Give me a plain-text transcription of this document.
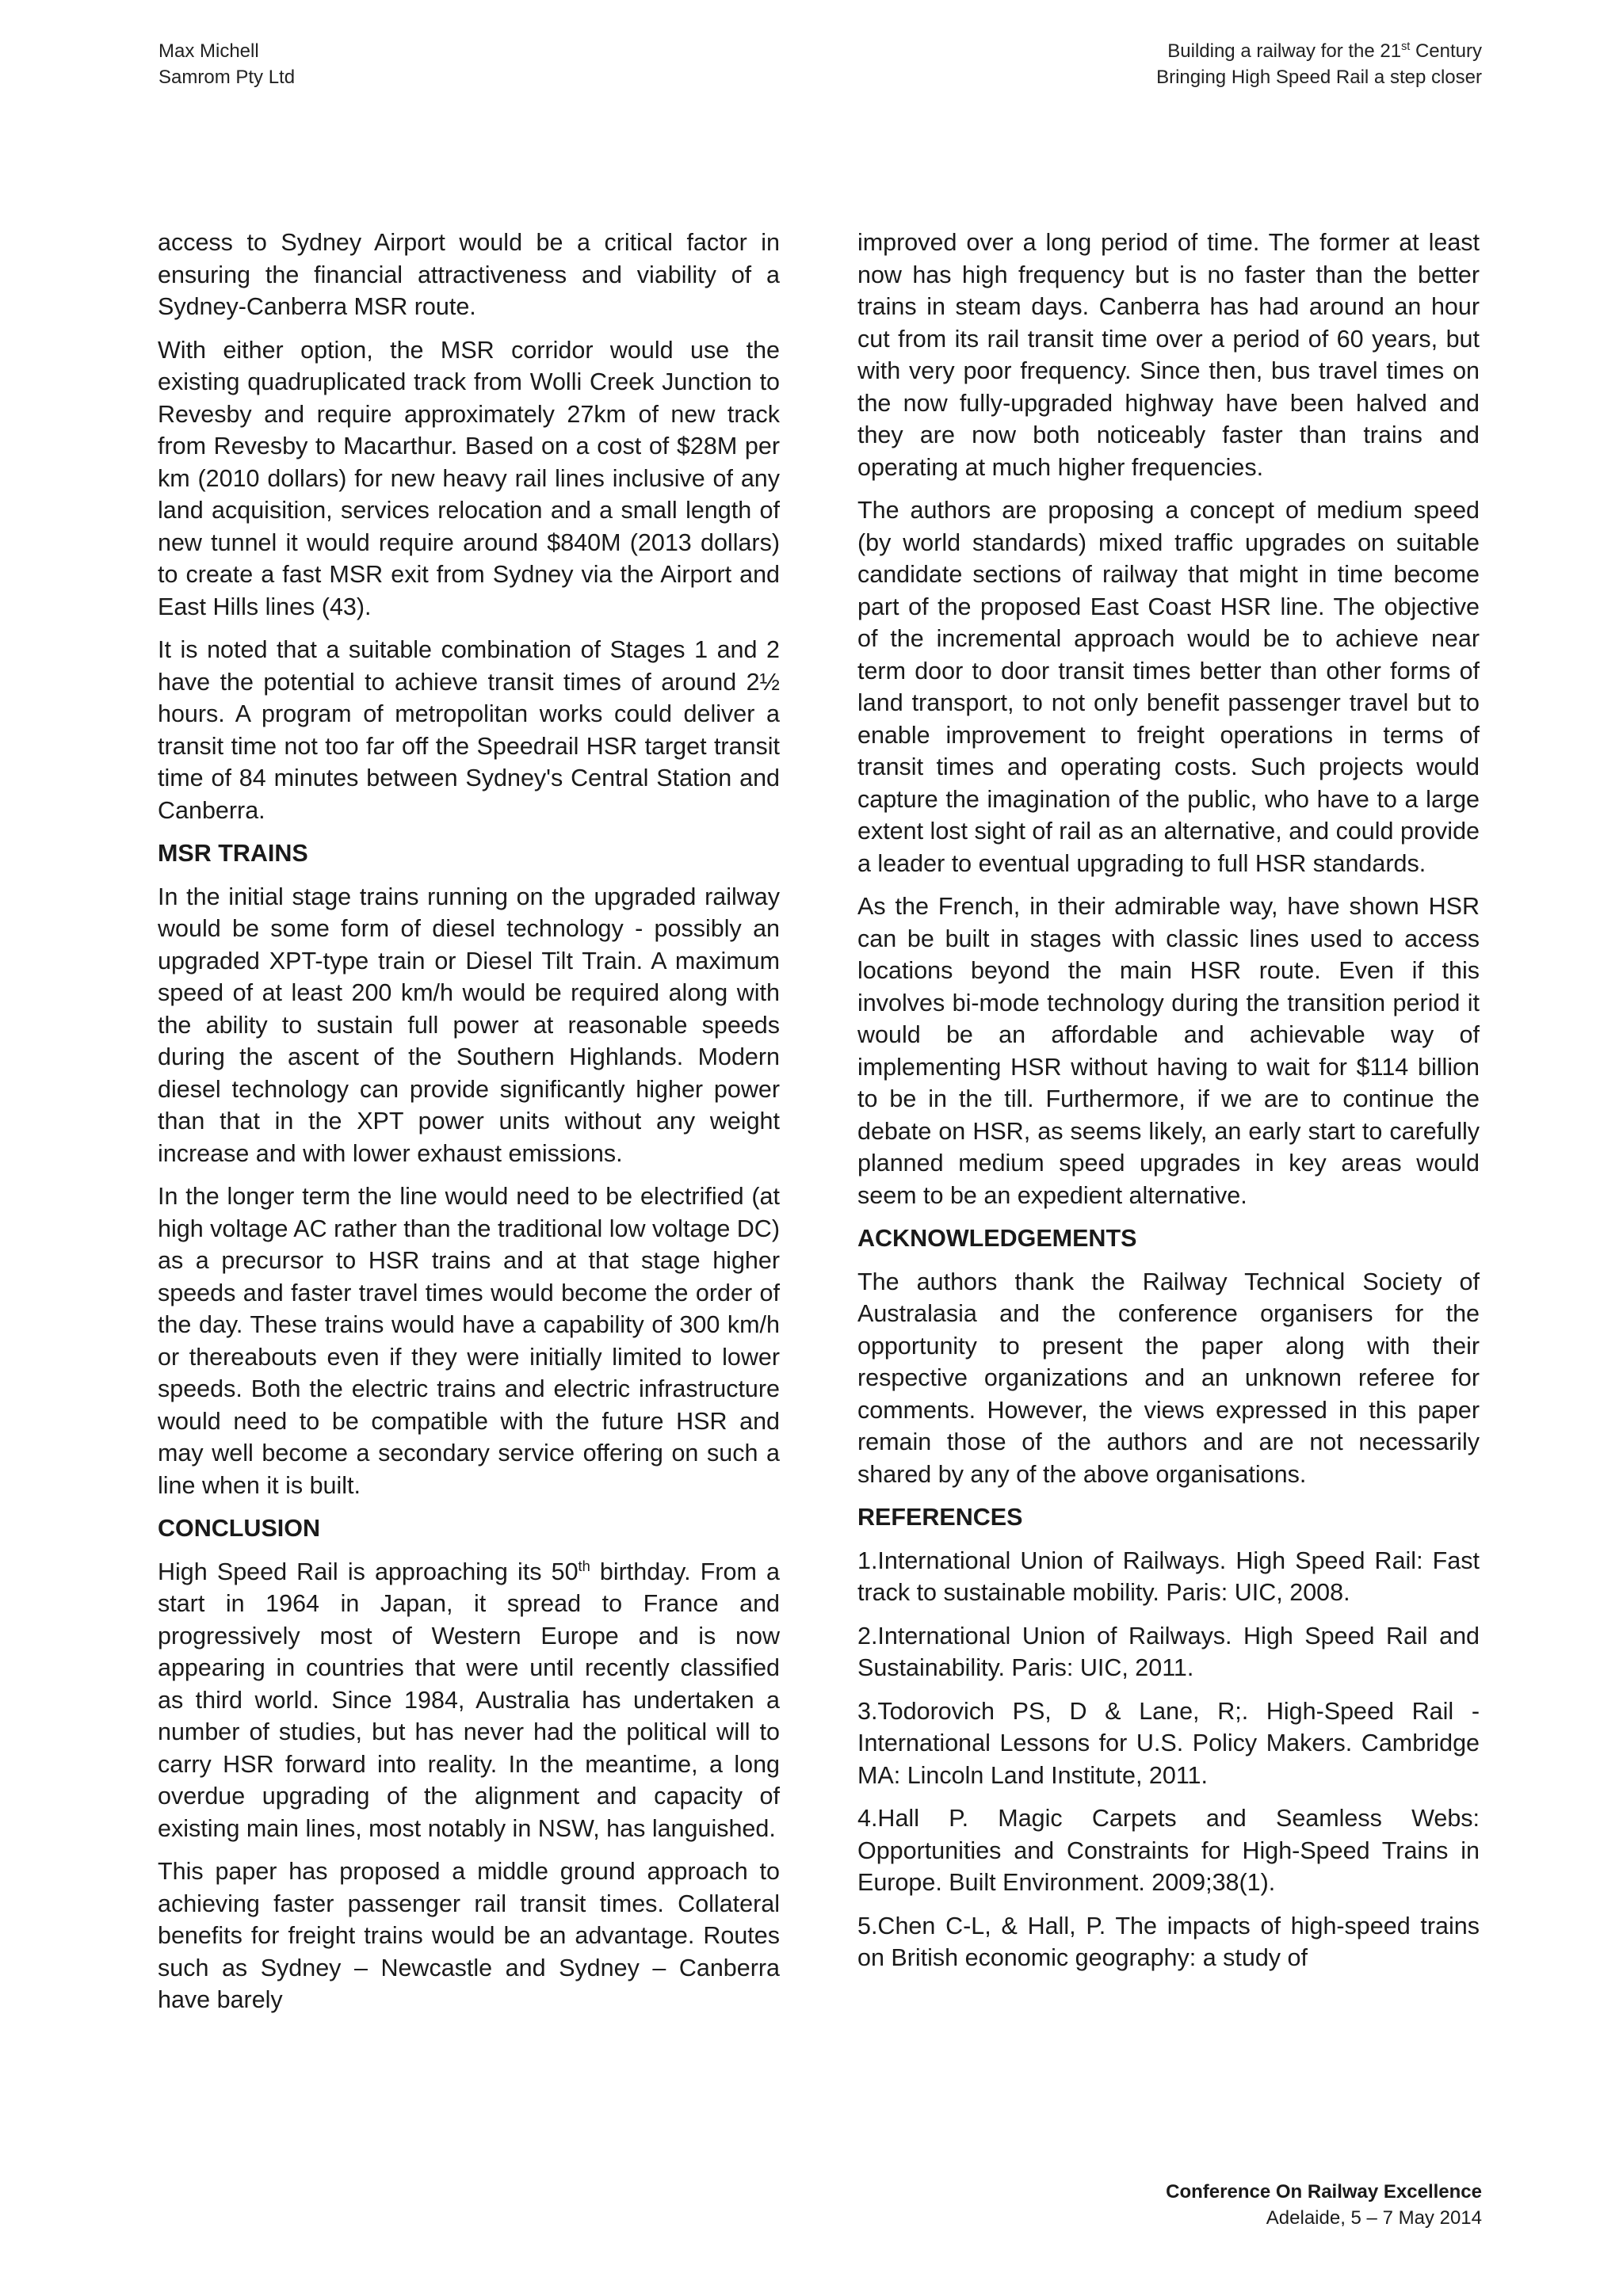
Max Michell
Samrom Pty Ltd
Building a railway for the 21st Century
Bringing High Speed Rail a step closer

access to Sydney Airport would be a critical factor in ensuring the financial attractiveness and viability of a Sydney-Canberra MSR route.

With either option, the MSR corridor would use the existing quadruplicated track from Wolli Creek Junction to Revesby and require approximately 27km of new track from Revesby to Macarthur. Based on a cost of $28M per km (2010 dollars) for new heavy rail lines inclusive of any land acquisition, services relocation and a small length of new tunnel it would require around $840M (2013 dollars) to create a fast MSR exit from Sydney via the Airport and East Hills lines (43).

It is noted that a suitable combination of Stages 1 and 2 have the potential to achieve transit times of around 2½ hours. A program of metropolitan works could deliver a transit time not too far off the Speedrail HSR target transit time of 84 minutes between Sydney's Central Station and Canberra.

MSR TRAINS

In the initial stage trains running on the upgraded railway would be some form of diesel technology - possibly an upgraded XPT-type train or Diesel Tilt Train. A maximum speed of at least 200 km/h would be required along with the ability to sustain full power at reasonable speeds during the ascent of the Southern Highlands. Modern diesel technology can provide significantly higher power than that in the XPT power units without any weight increase and with lower exhaust emissions.

In the longer term the line would need to be electrified (at high voltage AC rather than the traditional low voltage DC) as a precursor to HSR trains and at that stage higher speeds and faster travel times would become the order of the day. These trains would have a capability of 300 km/h or thereabouts even if they were initially limited to lower speeds. Both the electric trains and electric infrastructure would need to be compatible with the future HSR and may well become a secondary service offering on such a line when it is built.

CONCLUSION

High Speed Rail is approaching its 50th birthday. From a start in 1964 in Japan, it spread to France and progressively most of Western Europe and is now appearing in countries that were until recently classified as third world. Since 1984, Australia has undertaken a number of studies, but has never had the political will to carry HSR forward into reality. In the meantime, a long overdue upgrading of the alignment and capacity of existing main lines, most notably in NSW, has languished.

This paper has proposed a middle ground approach to achieving faster passenger rail transit times. Collateral benefits for freight trains would be an advantage. Routes such as Sydney – Newcastle and Sydney – Canberra have barely

improved over a long period of time. The former at least now has high frequency but is no faster than the better trains in steam days. Canberra has had around an hour cut from its rail transit time over a period of 60 years, but with very poor frequency. Since then, bus travel times on the now fully-upgraded highway have been halved and they are now both noticeably faster than trains and operating at much higher frequencies.

The authors are proposing a concept of medium speed (by world standards) mixed traffic upgrades on suitable candidate sections of railway that might in time become part of the proposed East Coast HSR line. The objective of the incremental approach would be to achieve near term door to door transit times better than other forms of land transport, to not only benefit passenger travel but to enable improvement to freight operations in terms of transit times and operating costs. Such projects would capture the imagination of the public, who have to a large extent lost sight of rail as an alternative, and could provide a leader to eventual upgrading to full HSR standards.

As the French, in their admirable way, have shown HSR can be built in stages with classic lines used to access locations beyond the main HSR route. Even if this involves bi-mode technology during the transition period it would be an affordable and achievable way of implementing HSR without having to wait for $114 billion to be in the till. Furthermore, if we are to continue the debate on HSR, as seems likely, an early start to carefully planned medium speed upgrades in key areas would seem to be an expedient alternative.

ACKNOWLEDGEMENTS

The authors thank the Railway Technical Society of Australasia and the conference organisers for the opportunity to present the paper along with their respective organizations and an unknown referee for comments. However, the views expressed in this paper remain those of the authors and are not necessarily shared by any of the above organisations.

REFERENCES

1.International Union of Railways. High Speed Rail: Fast track to sustainable mobility. Paris: UIC, 2008.

2.International Union of Railways. High Speed Rail and Sustainability. Paris: UIC, 2011.

3.Todorovich PS, D & Lane, R;. High-Speed Rail - International Lessons for U.S. Policy Makers. Cambridge MA: Lincoln Land Institute, 2011.

4.Hall P. Magic Carpets and Seamless Webs: Opportunities and Constraints for High-Speed Trains in Europe. Built Environment. 2009;38(1).

5.Chen C-L, & Hall, P. The impacts of high-speed trains on British economic geography: a study of

Conference On Railway Excellence
Adelaide, 5 – 7 May 2014
